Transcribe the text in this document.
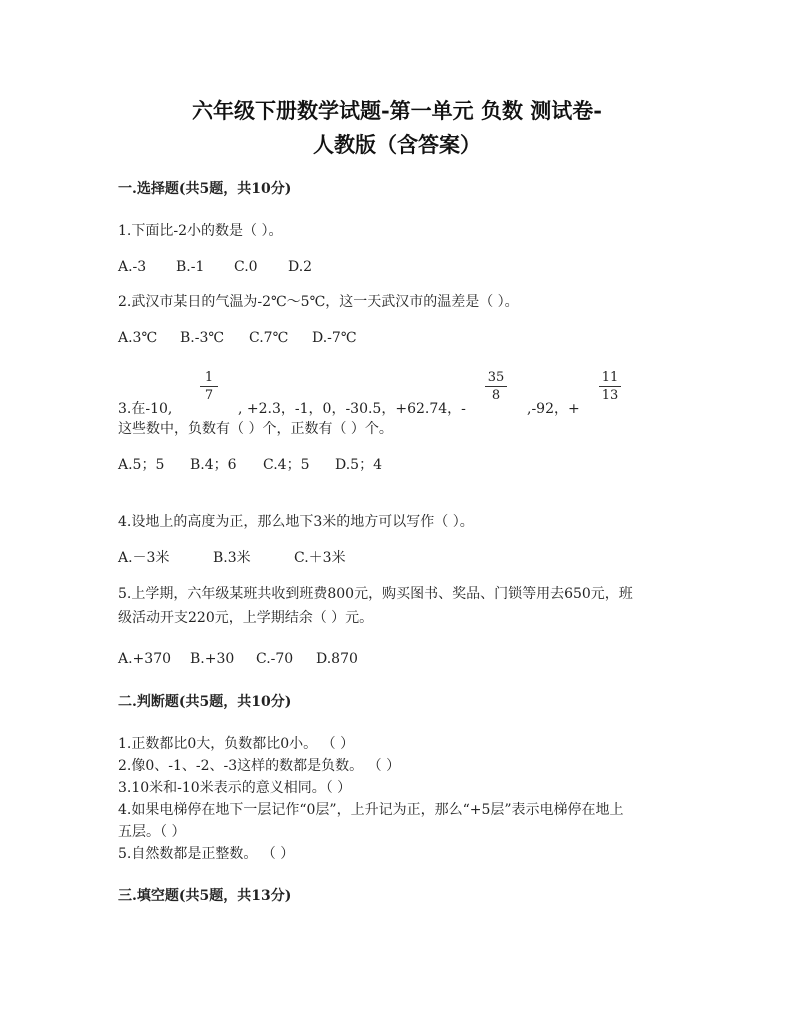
六年级下册数学试题-第一单元 负数 测试卷-
人教版（含答案）
一.选择题(共5题，共10分)
1.下面比-2小的数是（ ）。
A.-3 B.-1 C.0 D.2
2.武汉市某日的气温为-2℃～5℃，这一天武汉市的温差是（ ）。
A.3℃ B.-3℃ C.7℃ D.-7℃
3.在-10,
1
7
, +2.3，-1，0，-30.5，+62.74，-
35
8
,-92，+
11
13
这些数中，负数有（ ）个，正数有（ ）个。
A.5；5 B.4；6 C.4；5 D.5；4
4.设地上的高度为正，那么地下3米的地方可以写作（ ）。
A.－3米	B.3米	C.＋3米
5.上学期，六年级某班共收到班费800元，购买图书、奖品、门锁等用去650元，班
级活动开支220元，上学期结余（ ）元。
A.+370 B.+30 C.-70 D.870
二.判断题(共5题，共10分)
1.正数都比0大，负数都比0小。 （ ）
2.像0、-1、-2、-3这样的数都是负数。 （ ）
3.10米和-10米表示的意义相同。（ ）
4.如果电梯停在地下一层记作“0层”，上升记为正，那么“+5层”表示电梯停在地上
五层。（ ）
5.自然数都是正整数。 （ ）
三.填空题(共5题，共13分)
